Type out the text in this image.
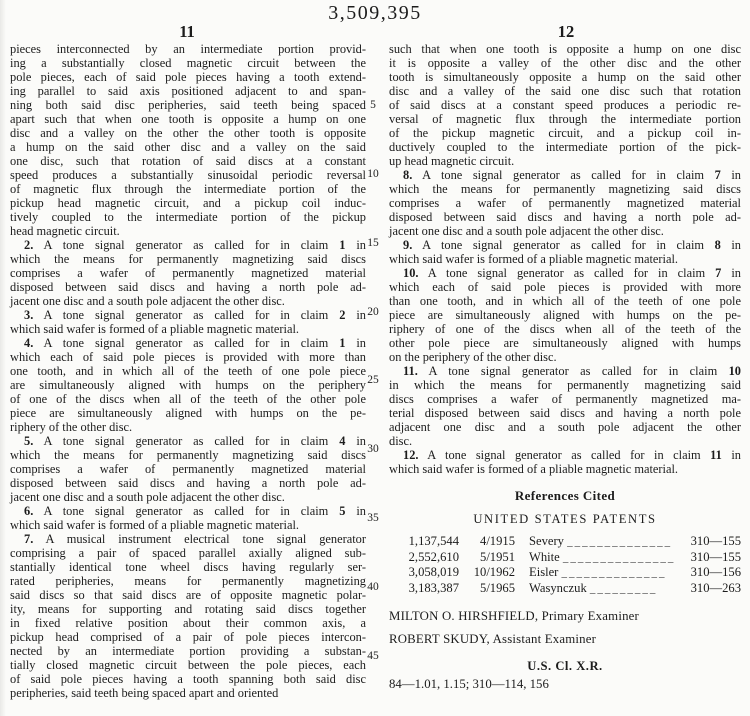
3,509,395
11	12
pieces interconnected by an intermediate portion provid-
ing a substantially closed magnetic circuit between the
pole pieces, each of said pole pieces having a tooth extend-
ing parallel to said axis positioned adjacent to and span-
ning both said disc peripheries, said teeth being spaced
apart such that when one tooth is opposite a hump on one
disc and a valley on the other the other tooth is opposite
a hump on the said other disc and a valley on the said
one disc, such that rotation of said discs at a constant
speed produces a substantially sinusoidal periodic reversal
of magnetic flux through the intermediate portion of the
pickup head magnetic circuit, and a pickup coil induc-
tively coupled to the intermediate portion of the pickup
head magnetic circuit.
2. A tone signal generator as called for in claim 1 in
which the means for permanently magnetizing said discs
comprises a wafer of permanently magnetized material
disposed between said discs and having a north pole ad-
jacent one disc and a south pole adjacent the other disc.
3. A tone signal generator as called for in claim 2 in
which said wafer is formed of a pliable magnetic material.
4. A tone signal generator as called for in claim 1 in
which each of said pole pieces is provided with more than
one tooth, and in which all of the teeth of one pole piece
are simultaneously aligned with humps on the periphery
of one of the discs when all of the teeth of the other pole
piece are simultaneously aligned with humps on the pe-
riphery of the other disc.
5. A tone signal generator as called for in claim 4 in
which the means for permanently magnetizing said discs
comprises a wafer of permanently magnetized material
disposed between said discs and having a north pole ad-
jacent one disc and a south pole adjacent the other disc.
6. A tone signal generator as called for in claim 5 in
which said wafer is formed of a pliable magnetic material.
7. A musical instrument electrical tone signal generator
comprising a pair of spaced parallel axially aligned sub-
stantially identical tone wheel discs having regularly ser-
rated peripheries, means for permanently magnetizing
said discs so that said discs are of opposite magnetic polar-
ity, means for supporting and rotating said discs together
in fixed relative position about their common axis, a
pickup head comprised of a pair of pole pieces intercon-
nected by an intermediate portion providing a substan-
tially closed magnetic circuit between the pole pieces, each
of said pole pieces having a tooth spanning both said disc
peripheries, said teeth being spaced apart and oriented
5
10
15
20
25
30
35
40
45
such that when one tooth is opposite a hump on one disc
it is opposite a valley of the other disc and the other
tooth is simultaneously opposite a hump on the said other
disc and a valley of the said one disc such that rotation
of said discs at a constant speed produces a periodic re-
versal of magnetic flux through the intermediate portion
of the pickup magnetic circuit, and a pickup coil in-
ductively coupled to the intermediate portion of the pick-
up head magnetic circuit.
8. A tone signal generator as called for in claim 7 in
which the means for permanently magnetizing said discs
comprises a wafer of permanently magnetized material
disposed between said discs and having a north pole ad-
jacent one disc and a south pole adjacent the other disc.
9. A tone signal generator as called for in claim 8 in
which said wafer is formed of a pliable magnetic material.
10. A tone signal generator as called for in claim 7 in
which each of said pole pieces is provided with more
than one tooth, and in which all of the teeth of one pole
piece are simultaneously aligned with humps on the pe-
riphery of one of the discs when all of the teeth of the
other pole piece are simultaneously aligned with humps
on the periphery of the other disc.
11. A tone signal generator as called for in claim 10
in which the means for permanently magnetizing said
discs comprises a wafer of permanently magnetized ma-
terial disposed between said discs and having a north pole
adjacent one disc and a south pole adjacent the other
disc.
12. A tone signal generator as called for in claim 11 in
which said wafer is formed of a pliable magnetic material.
References Cited
UNITED STATES PATENTS
1,137,544	4/1915	Severy ______________	310—155
2,552,610	5/1951	White _______________	310—155
3,058,019	10/1962	Eisler ______________	310—156
3,183,387	5/1965	Wasynczuk _________	310—263
MILTON O. HIRSHFIELD, Primary Examiner
ROBERT SKUDY, Assistant Examiner
U.S. Cl. X.R.
84—1.01, 1.15; 310—114, 156
